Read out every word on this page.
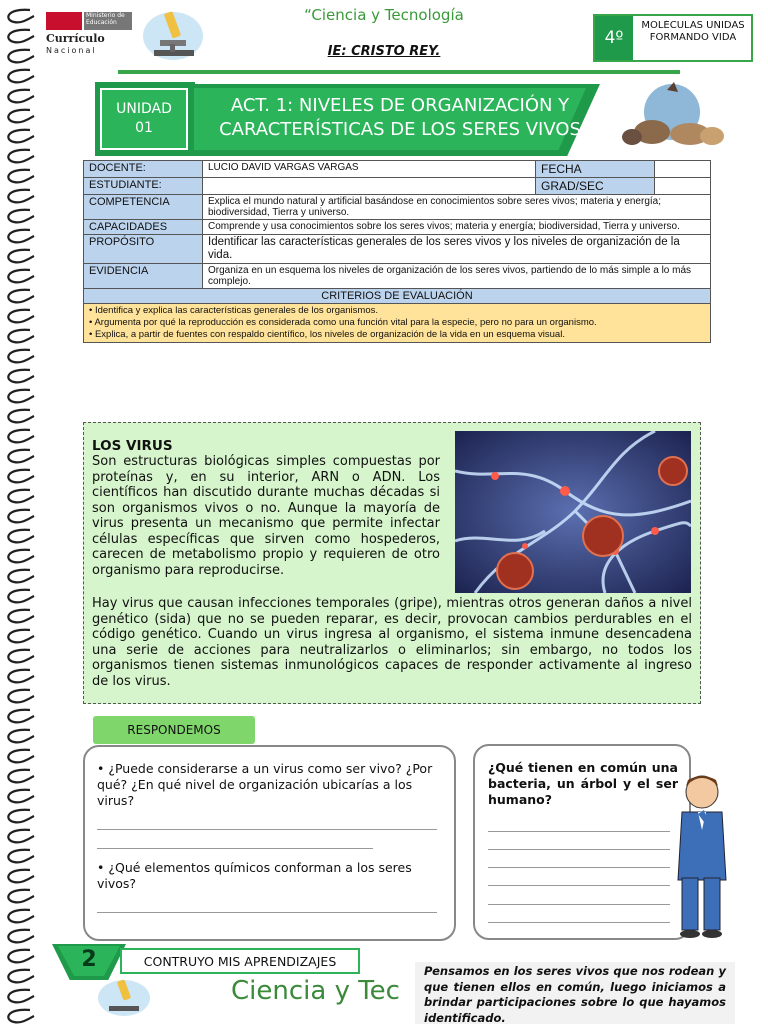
Ministerio de Educación
Currículo
Nacional
“Ciencia y Tecnología
IE: CRISTO REY.
4º
MOLÉCULAS UNIDAS FORMANDO VIDA
UNIDAD
01
ACT. 1: NIVELES DE ORGANIZACIÓN Y CARACTERÍSTICAS DE LOS SERES VIVOS
DOCENTE:	LUCIO DAVID VARGAS VARGAS	FECHA	
ESTUDIANTE:		GRAD/SEC	
COMPETENCIA	Explica el mundo natural y artificial basándose en conocimientos sobre seres vivos; materia y energía; biodiversidad, Tierra y universo.		
CAPACIDADES	Comprende y usa conocimientos sobre los seres vivos; materia y energía; biodiversidad, Tierra y universo.		
PROPÓSITO	Identificar las características generales de los seres vivos y los niveles de organización de la vida.		
EVIDENCIA	Organiza en un esquema los niveles de organización de los seres vivos, partiendo de lo más simple a lo más complejo.		
CRITERIOS DE EVALUACIÓN			

• Identifica y explica las características generales de los organismos.
• Argumenta por qué la reproducción es considerada como una función vital para la especie, pero no para un organismo.
• Explica, a partir de fuentes con respaldo científico, los niveles de organización de la vida en un esquema visual.			
LOS VIRUS
Son estructuras biológicas simples compuestas por proteínas y, en su interior, ARN o ADN. Los científicos han discutido durante muchas décadas si son organismos vivos o no. Aunque la mayoría de virus presenta un mecanismo que permite infectar células específicas que sirven como hospederos, carecen de metabolismo propio y requieren de otro organismo para reproducirse.
Hay virus que causan infecciones temporales (gripe), mientras otros generan daños a nivel genético (sida) que no se pueden reparar, es decir, provocan cambios perdurables en el código genético. Cuando un virus ingresa al organismo, el sistema inmune desencadena una serie de acciones para neutralizarlos o eliminarlos; sin embargo, no todos los organismos tienen sistemas inmunológicos capaces de responder activamente al ingreso de los virus.
RESPONDEMOS
• ¿Puede considerarse a un virus como ser vivo? ¿Por qué? ¿En qué nivel de organización ubicarías a los virus?
• ¿Qué elementos químicos conforman a los seres vivos?
¿Qué tienen en común una bacteria, un árbol y el ser humano?
2	CONTRUYO MIS APRENDIZAJES
Ciencia y Tec
Pensamos en los seres vivos que nos rodean y que tienen ellos en común, luego iniciamos a brindar participaciones sobre lo que hayamos identificado.
